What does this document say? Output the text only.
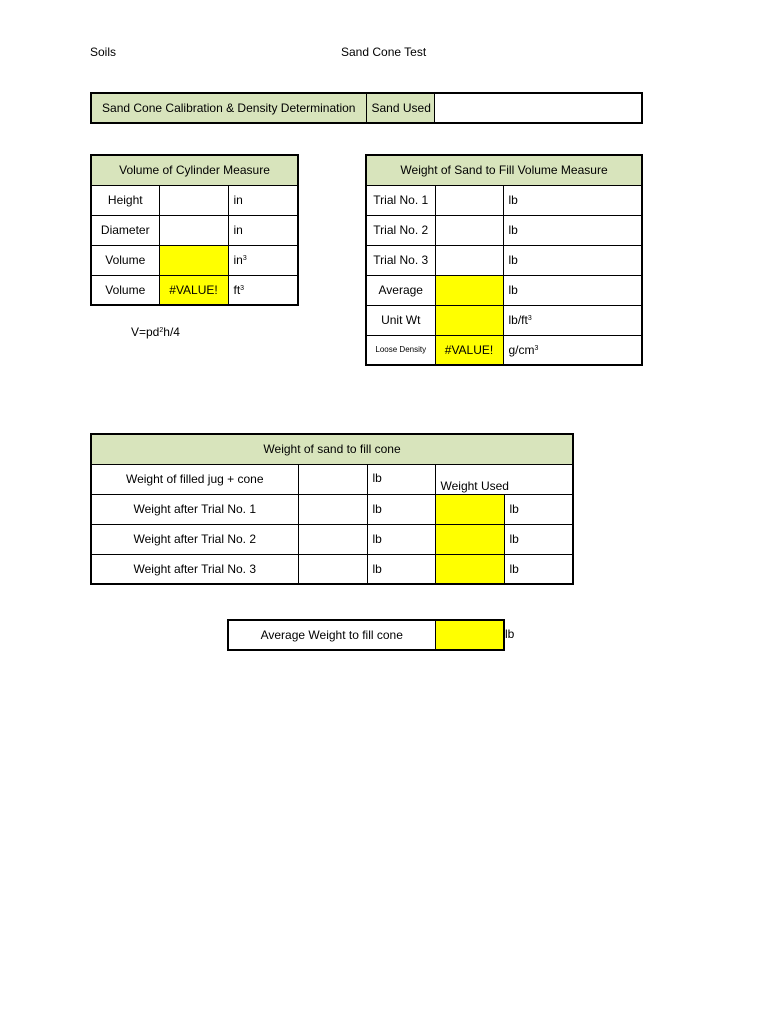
Soils	Sand Cone Test
Sand Cone Calibration & Density Determination	Sand Used	
Volume of Cylinder Measure		
Height		in
Diameter		in
Volume		$in^3$
Volume	#VALUE!	$ft^3$
$V=pd^2h/4$
Weight of Sand to Fill Volume Measure		
Trial No. 1		lb
Trial No. 2		lb
Trial No. 3		lb
Average		lb
Unit Wt		$lb/ft^3$
Loose Density	#VALUE!	$g/cm^3$
Weight of sand to fill cone				
Weight of filled jug + cone		lb	Weight Used	
Weight after Trial No. 1		lb		lb
Weight after Trial No. 2		lb		lb
Weight after Trial No. 3		lb		lb
Average Weight to fill cone		lb
